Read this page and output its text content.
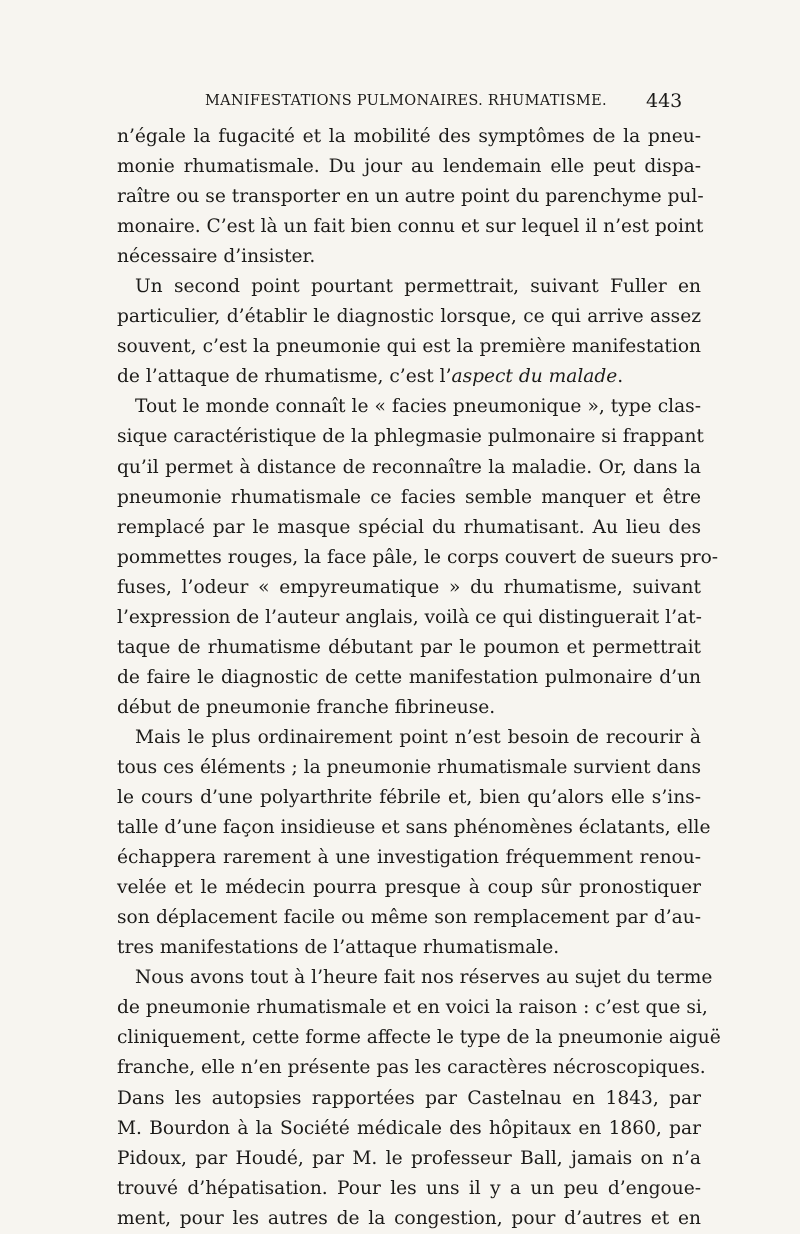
MANIFESTATIONS PULMONAIRES. RHUMATISME. 443
n’égale la fugacité et la mobilité des symptômes de la pneu-
monie rhumatismale. Du jour au lendemain elle peut dispa-
raître ou se transporter en un autre point du parenchyme pul-
monaire. C’est là un fait bien connu et sur lequel il n’est point
nécessaire d’insister.
Un second point pourtant permettrait, suivant Fuller en
particulier, d’établir le diagnostic lorsque, ce qui arrive assez
souvent, c’est la pneumonie qui est la première manifestation
de l’attaque de rhumatisme, c’est l’aspect du malade.
Tout le monde connaît le « facies pneumonique », type clas-
sique caractéristique de la phlegmasie pulmonaire si frappant
qu’il permet à distance de reconnaître la maladie. Or, dans la
pneumonie rhumatismale ce facies semble manquer et être
remplacé par le masque spécial du rhumatisant. Au lieu des
pommettes rouges, la face pâle, le corps couvert de sueurs pro-
fuses, l’odeur « empyreumatique » du rhumatisme, suivant
l’expression de l’auteur anglais, voilà ce qui distinguerait l’at-
taque de rhumatisme débutant par le poumon et permettrait
de faire le diagnostic de cette manifestation pulmonaire d’un
début de pneumonie franche fibrineuse.
Mais le plus ordinairement point n’est besoin de recourir à
tous ces éléments ; la pneumonie rhumatismale survient dans
le cours d’une polyarthrite fébrile et, bien qu’alors elle s’ins-
talle d’une façon insidieuse et sans phénomènes éclatants, elle
échappera rarement à une investigation fréquemment renou-
velée et le médecin pourra presque à coup sûr pronostiquer
son déplacement facile ou même son remplacement par d’au-
tres manifestations de l’attaque rhumatismale.
Nous avons tout à l’heure fait nos réserves au sujet du terme
de pneumonie rhumatismale et en voici la raison : c’est que si,
cliniquement, cette forme affecte le type de la pneumonie aiguë
franche, elle n’en présente pas les caractères nécroscopiques.
Dans les autopsies rapportées par Castelnau en 1843, par
M. Bourdon à la Société médicale des hôpitaux en 1860, par
Pidoux, par Houdé, par M. le professeur Ball, jamais on n’a
trouvé d’hépatisation. Pour les uns il y a un peu d’engoue-
ment, pour les autres de la congestion, pour d’autres et en
